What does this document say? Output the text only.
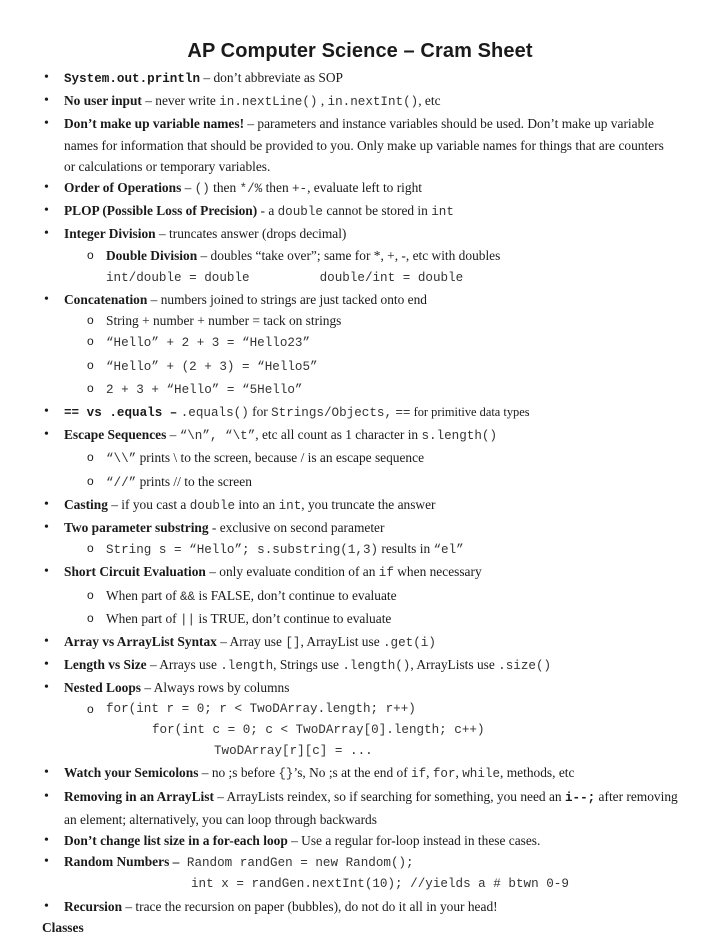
AP Computer Science – Cram Sheet
• System.out.println – don’t abbreviate as SOP
• No user input – never write in.nextLine() , in.nextInt(), etc
• Don’t make up variable names! – parameters and instance variables should be used. Don’t make up variable names for information that should be provided to you. Only make up variable names for things that are counters or calculations or temporary variables.
• Order of Operations – () then */% then +-, evaluate left to right
• PLOP (Possible Loss of Precision) - a double cannot be stored in int
• Integer Division – truncates answer (drops decimal)
o Double Division – doubles “take over”; same for *, +, -, etc with doubles
int/double = double	double/int = double
• Concatenation – numbers joined to strings are just tacked onto end
o String + number + number = tack on strings
o “Hello” + 2 + 3 = “Hello23”
o “Hello” + (2 + 3) = “Hello5”
o 2 + 3 + “Hello” = “5Hello”
• == vs .equals – .equals() for Strings/Objects, == for primitive data types
• Escape Sequences – “\n”, “\t”, etc all count as 1 character in s.length()
o “\\” prints \ to the screen, because / is an escape sequence
o “//” prints // to the screen
• Casting – if you cast a double into an int, you truncate the answer
• Two parameter substring - exclusive on second parameter
o String s = “Hello”; s.substring(1,3) results in “el”
• Short Circuit Evaluation – only evaluate condition of an if when necessary
o When part of && is FALSE, don’t continue to evaluate
o When part of || is TRUE, don’t continue to evaluate
• Array vs ArrayList Syntax – Array use [], ArrayList use .get(i)
• Length vs Size – Arrays use .length, Strings use .length(), ArrayLists use .size()
• Nested Loops – Always rows by columns
o for(int r = 0; r < TwoDArray.length; r++)
for(int c = 0; c < TwoDArray[0].length; c++)
TwoDArray[r][c] = ...
• Watch your Semicolons – no ;s before {}’s, No ;s at the end of if, for, while, methods, etc
• Removing in an ArrayList – ArrayLists reindex, so if searching for something, you need an i--; after removing an element; alternatively, you can loop through backwards
• Don’t change list size in a for-each loop – Use a regular for-loop instead in these cases.
• Random Numbers – Random randGen = new Random();
int x = randGen.nextInt(10); //yields a # btwn 0-9
• Recursion – trace the recursion on paper (bubbles), do not do it all in your head!
Classes
